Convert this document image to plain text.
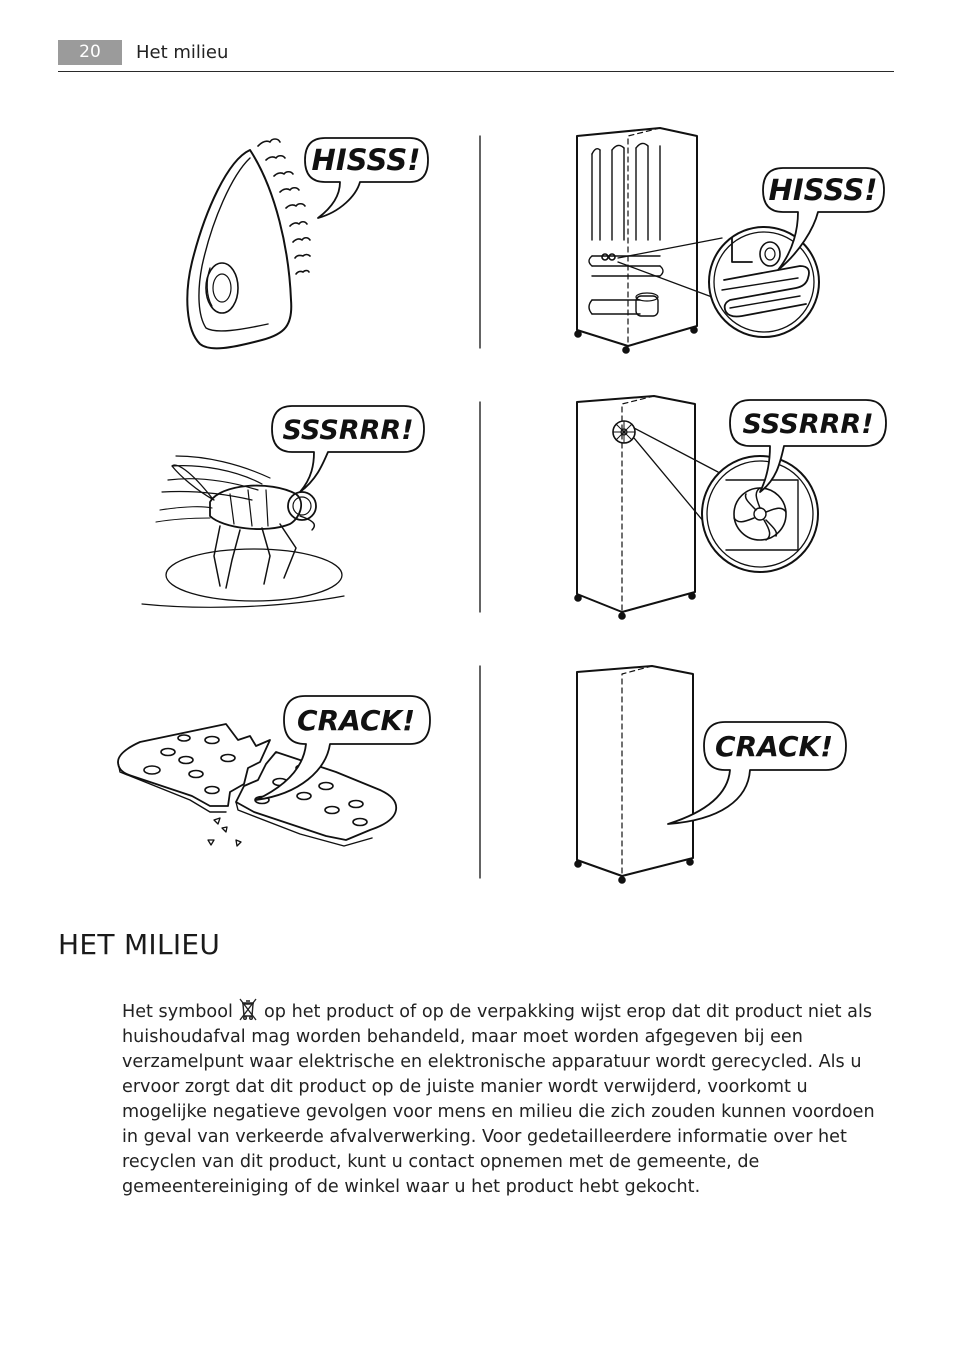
20	Het milieu
HISSS!
HISSS!
SSSRRR!	SSSRRR!
CRACK!
CRACK!
HET MILIEU

Het symbool  op het product of op de verpakking wijst erop dat dit product niet als huishoudafval mag worden behandeld, maar moet worden afgegeven bij een verzamelpunt waar elektrische en elektronische apparatuur wordt gerecycled. Als u ervoor zorgt dat dit product op de juiste manier wordt verwijderd, voorkomt u mogelijke negatieve gevolgen voor mens en milieu die zich zouden kunnen voordoen in geval van verkeerde afvalverwerking. Voor gedetailleerdere informatie over het recyclen van dit product, kunt u contact opnemen met de gemeente, de gemeentereiniging of de winkel waar u het product hebt gekocht.
